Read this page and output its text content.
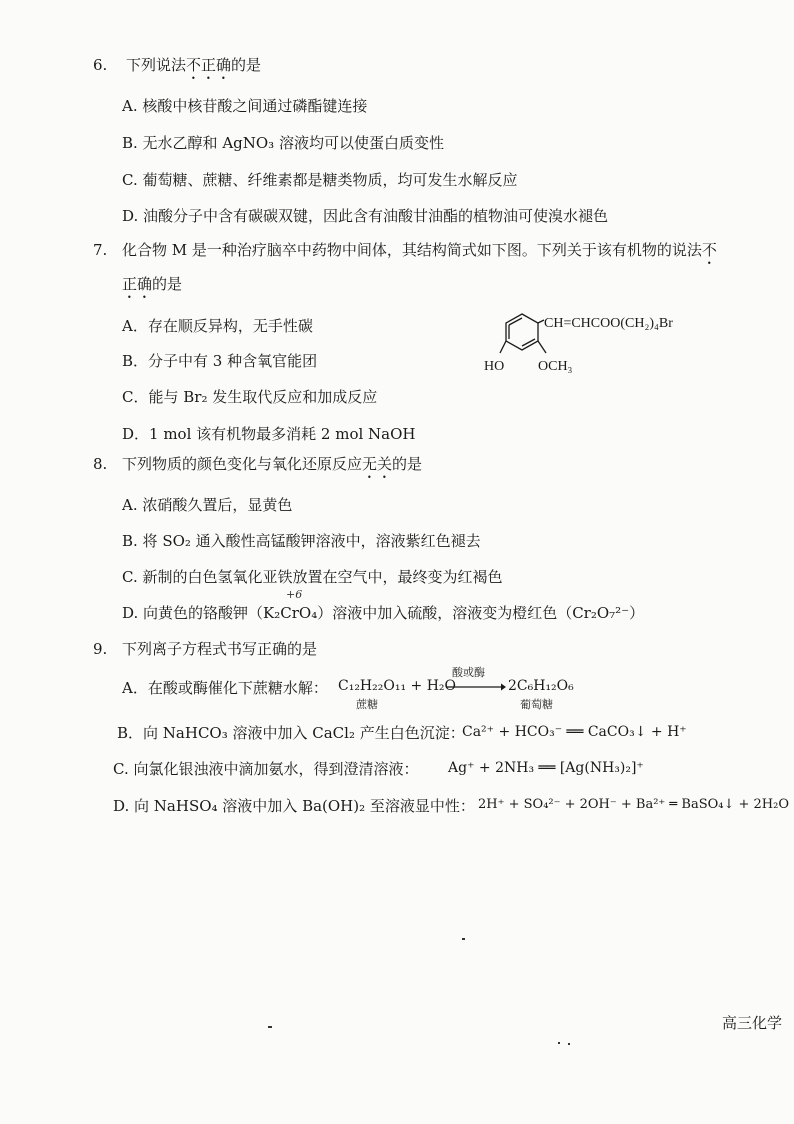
6. 下列说法不正确的是
A. 核酸中核苷酸之间通过磷酯键连接
B. 无水乙醇和 AgNO₃ 溶液均可以使蛋白质变性
C. 葡萄糖、蔗糖、纤维素都是糖类物质，均可发生水解反应
D. 油酸分子中含有碳碳双键，因此含有油酸甘油酯的植物油可使溴水褪色
7. 化合物 M 是一种治疗脑卒中药物中间体，其结构简式如下图。下列关于该有机物的说法不
正确的是
A．存在顺反异构，无手性碳
B．分子中有 3 种含氧官能团
C．能与 Br₂ 发生取代反应和加成反应
D．1 mol 该有机物最多消耗 2 mol NaOH
CH=CHCOO(CH₂)₄Br
HO OCH₃
8. 下列物质的颜色变化与氧化还原反应无关的是
A. 浓硝酸久置后，显黄色
B. 将 SO₂ 通入酸性高锰酸钾溶液中，溶液紫红色褪去
C. 新制的白色氢氧化亚铁放置在空气中，最终变为红褐色
+6
D. 向黄色的铬酸钾（K₂CrO₄）溶液中加入硫酸，溶液变为橙红色（Cr₂O₇²⁻）
9. 下列离子方程式书写正确的是
A．在酸或酶催化下蔗糖水解： C₁₂H₂₂O₁₁ + H₂O
酸或酶
→ 2C₆H₁₂O₆
蔗糖	葡萄糖
B．向 NaHCO₃ 溶液中加入 CaCl₂ 产生白色沉淀：
Ca²⁺ + HCO₃⁻ ══ CaCO₃↓ + H⁺
C. 向氯化银浊液中滴加氨水，得到澄清溶液： Ag⁺ + 2NH₃ ══ [Ag(NH₃)₂]⁺
D. 向 NaHSO₄ 溶液中加入 Ba(OH)₂ 至溶液显中性： 2H⁺ + SO₄²⁻ + 2OH⁻ + Ba²⁺ ═ BaSO₄↓ + 2H₂O
高三化学
